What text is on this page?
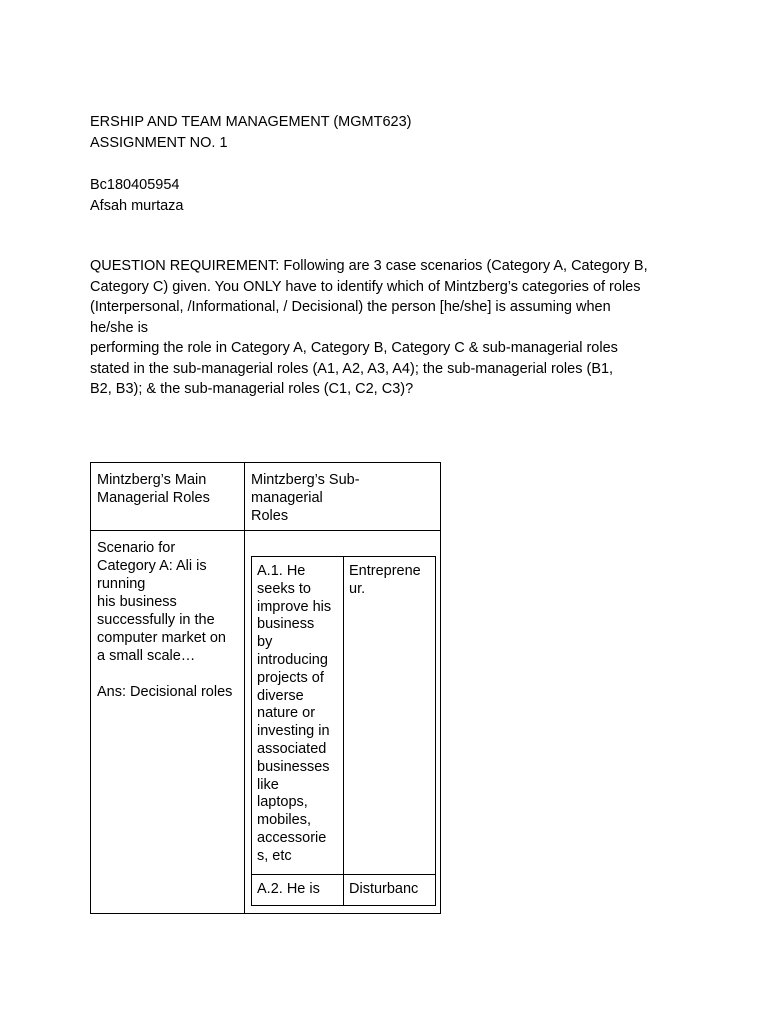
ERSHIP AND TEAM MANAGEMENT (MGMT623)
ASSIGNMENT NO. 1
Bc180405954
Afsah murtaza
QUESTION REQUIREMENT: Following are 3 case scenarios (Category A, Category B,
Category C) given. You ONLY have to identify which of Mintzberg’s categories of roles
(Interpersonal, /Informational, / Decisional) the person [he/she] is assuming when
he/she is
performing the role in Category A, Category B, Category C & sub-managerial roles
stated in the sub-managerial roles (A1, A2, A3, A4); the sub-managerial roles (B1,
B2, B3); & the sub-managerial roles (C1, C2, C3)?
Mintzberg’s Main
Managerial Roles
Mintzberg’s Sub-
managerial
Roles
Scenario for
Category A: Ali is
running
his business
successfully in the
computer market on
a small scale…
Ans: Decisional roles
A.1. He
seeks to
improve his
business
by
introducing
projects of
diverse
nature or
investing in
associated
businesses
like
laptops,
mobiles,
accessorie
s, etc
Entreprene
ur.
A.2. He is	Disturbanc
